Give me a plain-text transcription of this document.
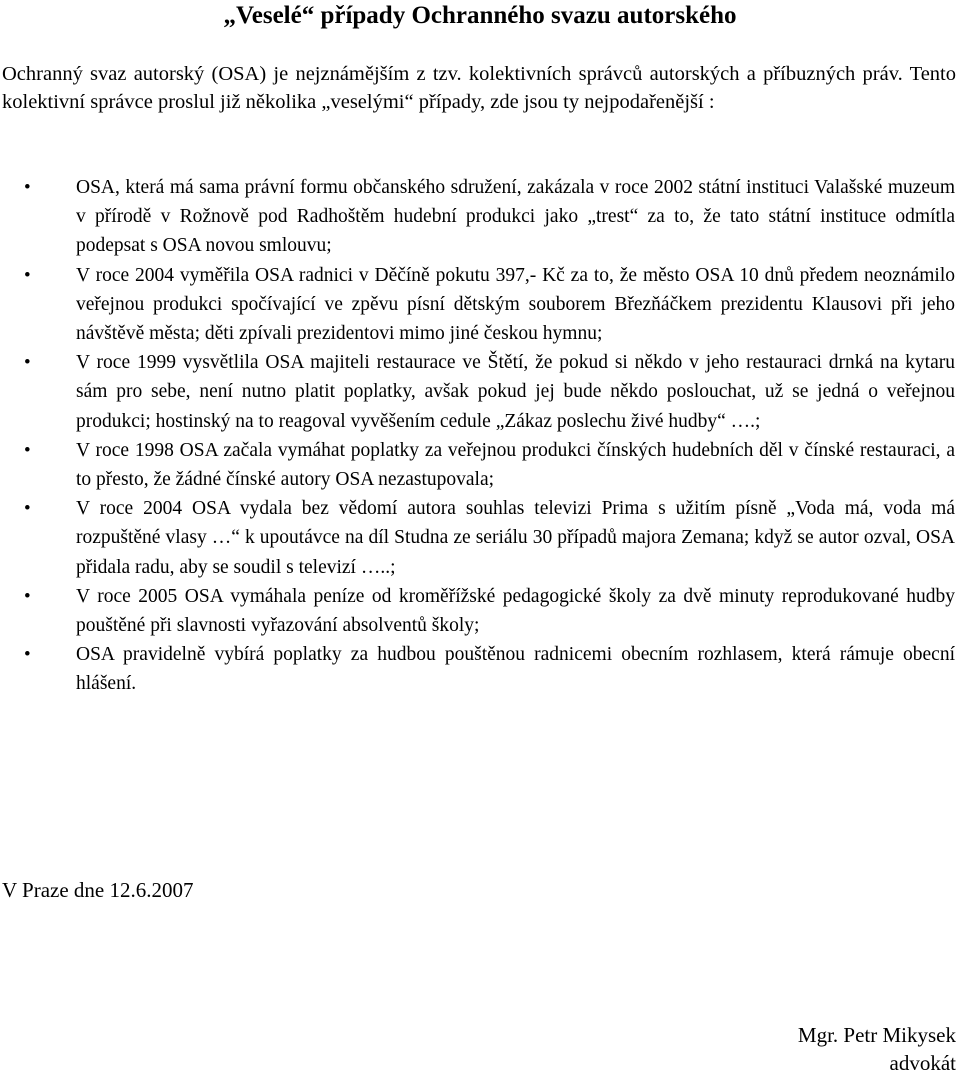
„Veselé“ případy Ochranného svazu autorského

Ochranný svaz autorský (OSA) je nejznámějším z tzv. kolektivních správců autorských a příbuzných práv. Tento kolektivní správce proslul již několika „veselými“ případy, zde jsou ty nejpodařenější :

• OSA, která má sama právní formu občanského sdružení, zakázala v roce 2002 státní instituci Valašské muzeum v přírodě v Rožnově pod Radhoštěm hudební produkci jako „trest“ za to, že tato státní instituce odmítla podepsat s OSA novou smlouvu;
• V roce 2004 vyměřila OSA radnici v Děčíně pokutu 397,- Kč za to, že město OSA 10 dnů předem neoznámilo veřejnou produkci spočívající ve zpěvu písní dětským souborem Březňáčkem prezidentu Klausovi při jeho návštěvě města; děti zpívali prezidentovi mimo jiné českou hymnu;
• V roce 1999 vysvětlila OSA majiteli restaurace ve Štětí, že pokud si někdo v jeho restauraci drnká na kytaru sám pro sebe, není nutno platit poplatky, avšak pokud jej bude někdo poslouchat, už se jedná o veřejnou produkci; hostinský na to reagoval vyvěšením cedule „Zákaz poslechu živé hudby“ ….;
• V roce 1998 OSA začala vymáhat poplatky za veřejnou produkci čínských hudebních děl v čínské restauraci, a to přesto, že žádné čínské autory OSA nezastupovala;
• V roce 2004 OSA vydala bez vědomí autora souhlas televizi Prima s užitím písně „Voda má, voda má rozpuštěné vlasy …“ k upoutávce na díl Studna ze seriálu 30 případů majora Zemana; když se autor ozval, OSA přidala radu, aby se soudil s televizí …..;
• V roce 2005 OSA vymáhala peníze od kroměřížské pedagogické školy za dvě minuty reprodukované hudby pouštěné při slavnosti vyřazování absolventů školy;
• OSA pravidelně vybírá poplatky za hudbou pouštěnou radnicemi obecním rozhlasem, která rámuje obecní hlášení.

V Praze dne 12.6.2007

Mgr. Petr Mikysek
advokát
